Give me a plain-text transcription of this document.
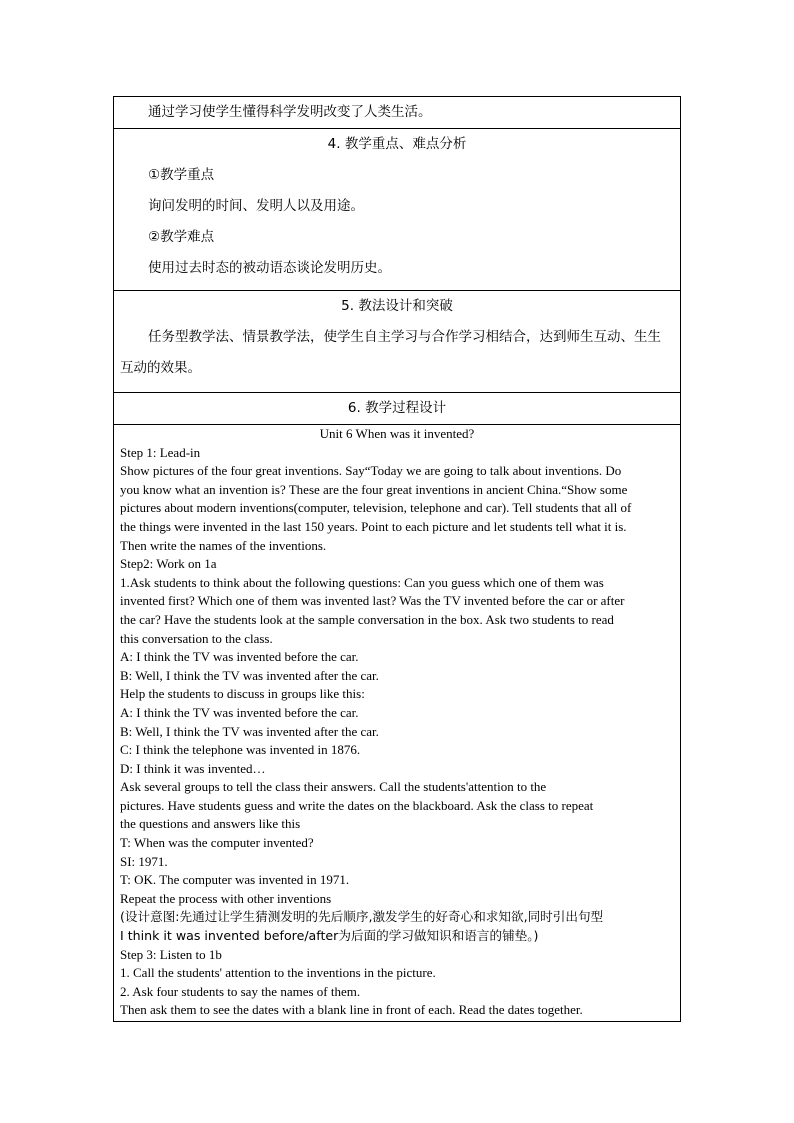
通过学习使学生懂得科学发明改变了人类生活。

4. 教学重点、难点分析

①教学重点

询问发明的时间、发明人以及用途。

②教学难点

使用过去时态的被动语态谈论发明历史。

5. 教法设计和突破

任务型教学法、情景教学法，使学生自主学习与合作学习相结合，达到师生互动、生生

互动的效果。

6. 教学过程设计

Unit 6 When was it invented?

Step 1: Lead-in

Show pictures of the four great inventions. Say“Today we are going to talk about inventions. Do

you know what an invention is? These are the four great inventions in ancient China.“Show some

pictures about modern inventions(computer, television, telephone and car). Tell students that all of

the things were invented in the last 150 years. Point to each picture and let students tell what it is.

Then write the names of the inventions.

Step2: Work on 1a

1.Ask students to think about the following questions: Can you guess which one of them was

invented first? Which one of them was invented last? Was the TV invented before the car or after

the car? Have the students look at the sample conversation in the box. Ask two students to read

this conversation to the class.

A: I think the TV was invented before the car.

B: Well, I think the TV was invented after the car.

Help the students to discuss in groups like this:

A: I think the TV was invented before the car.

B: Well, I think the TV was invented after the car.

C: I think the telephone was invented in 1876.

D: I think it was invented…

Ask several groups to tell the class their answers. Call the students'attention to the

pictures. Have students guess and write the dates on the blackboard. Ask the class to repeat

the questions and answers like this

T: When was the computer invented?

SI: 1971.

T: OK. The computer was invented in 1971.

Repeat the process with other inventions

(设计意图:先通过让学生猜测发明的先后顺序,激发学生的好奇心和求知欲,同时引出句型

I think it was invented before/after为后面的学习做知识和语言的铺垫。)

Step 3: Listen to 1b

1. Call the students' attention to the inventions in the picture.

2. Ask four students to say the names of them.

Then ask them to see the dates with a blank line in front of each. Read the dates together.
